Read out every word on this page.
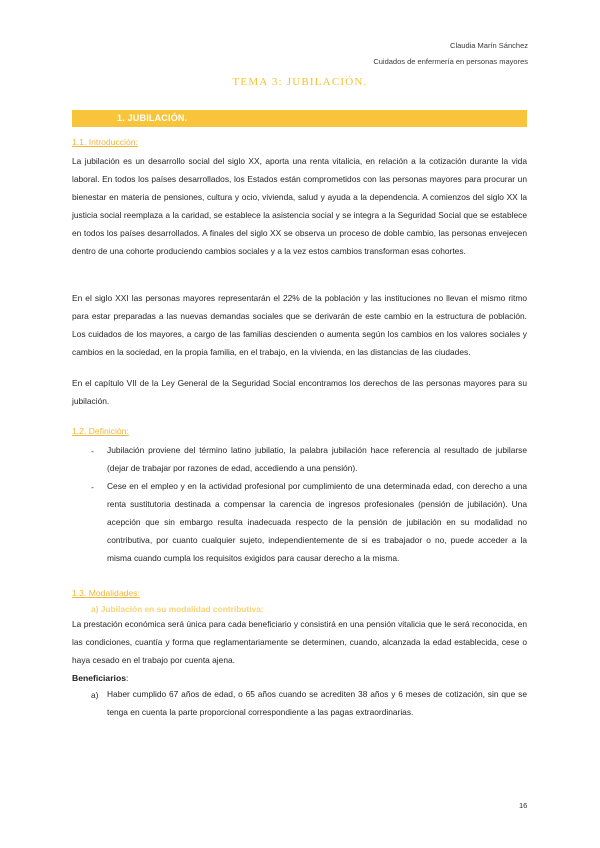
Claudia Marín Sánchez
Cuidados de enfermería en personas mayores
TEMA 3: JUBILACIÓN.
1. JUBILACIÓN.
1.1. Introducción:
La jubilación es un desarrollo social del siglo XX, aporta una renta vitalicia, en relación a la cotización durante la vida laboral. En todos los países desarrollados, los Estados están comprometidos con las personas mayores para procurar un bienestar en materia de pensiones, cultura y ocio, vivienda, salud y ayuda a la dependencia. A comienzos del siglo XX la justicia social reemplaza a la caridad, se establece la asistencia social y se integra a la Seguridad Social que se establece en todos los países desarrollados. A finales del siglo XX se observa un proceso de doble cambio, las personas envejecen dentro de una cohorte produciendo cambios sociales y a la vez estos cambios transforman esas cohortes.
En el siglo XXI las personas mayores representarán el 22% de la población y las instituciones no llevan el mismo ritmo para estar preparadas a las nuevas demandas sociales que se derivarán de este cambio en la estructura de población. Los cuidados de los mayores, a cargo de las familias descienden o aumenta según los cambios en los valores sociales y cambios en la sociedad, en la propia familia, en el trabajo, en la vivienda, en las distancias de las ciudades.
En el capítulo VII de la Ley General de la Seguridad Social encontramos los derechos de las personas mayores para su jubilación.
1.2. Definición:
- Jubilación proviene del término latino jubilatio, la palabra jubilación hace referencia al resultado de jubilarse (dejar de trabajar por razones de edad, accediendo a una pensión).
- Cese en el empleo y en la actividad profesional por cumplimiento de una determinada edad, con derecho a una renta sustitutoria destinada a compensar la carencia de ingresos profesionales (pensión de jubilación). Una acepción que sin embargo resulta inadecuada respecto de la pensión de jubilación en su modalidad no contributiva, por cuanto cualquier sujeto, independientemente de si es trabajador o no, puede acceder a la misma cuando cumpla los requisitos exigidos para causar derecho a la misma.
1.3. Modalidades:
a) Jubilación en su modalidad contributiva:
La prestación económica será única para cada beneficiario y consistirá en una pensión vitalicia que le será reconocida, en las condiciones, cuantía y forma que reglamentariamente se determinen, cuando, alcanzada la edad establecida, cese o haya cesado en el trabajo por cuenta ajena.
Beneficiarios:
a) Haber cumplido 67 años de edad, o 65 años cuando se acrediten 38 años y 6 meses de cotización, sin que se tenga en cuenta la parte proporcional correspondiente a las pagas extraordinarias.
16
